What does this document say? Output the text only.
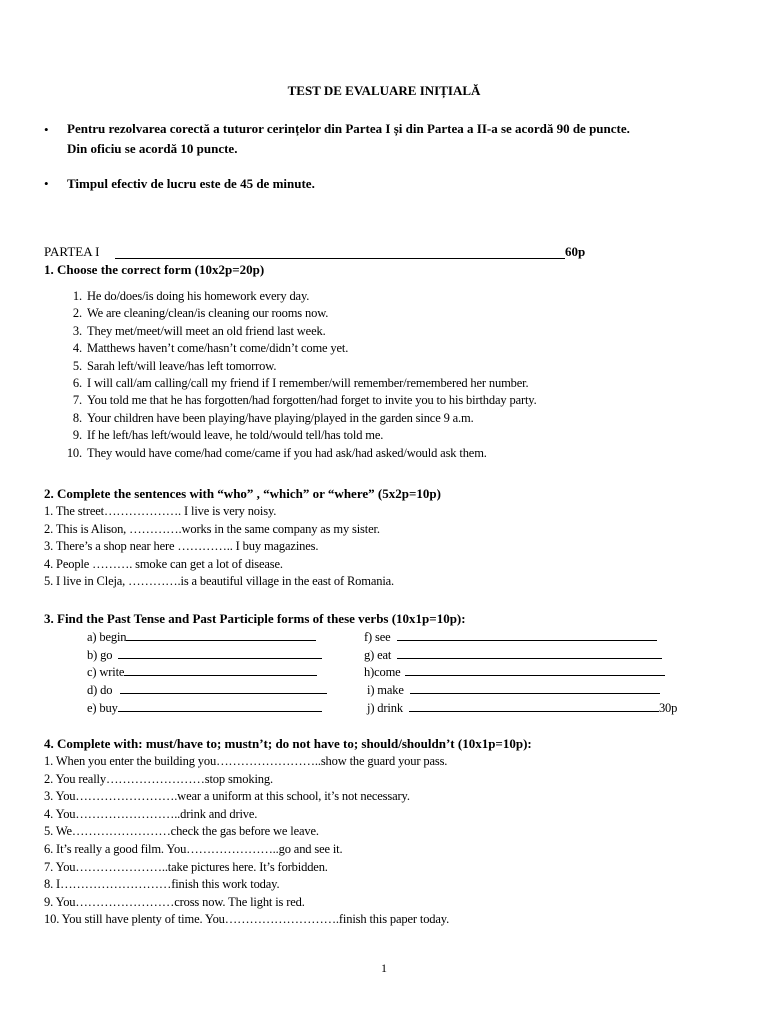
TEST DE EVALUARE INIȚIALĂ
• Pentru rezolvarea corectă a tuturor cerințelor din Partea I și din Partea a II-a se acordă 90 de puncte.
Din oficiu se acordă 10 puncte.
• Timpul efectiv de lucru este de 45 de minute.
PARTEA I	60p
1. Choose the correct form (10x2p=20p)
1. He do/does/is doing his homework every day.
2. We are cleaning/clean/is cleaning our rooms now.
3. They met/meet/will meet an old friend last week.
4. Matthews haven’t come/hasn’t come/didn’t come yet.
5. Sarah left/will leave/has left tomorrow.
6. I will call/am calling/call my friend if I remember/will remember/remembered her number.
7. You told me that he has forgotten/had forgotten/had forget to invite you to his birthday party.
8. Your children have been playing/have playing/played in the garden since 9 a.m.
9. If he left/has left/would leave, he told/would tell/has told me.
10. They would have come/had come/came if you had ask/had asked/would ask them.
2. Complete the sentences with “who” , “which” or “where” (5x2p=10p)
1. The street………………. I live is very noisy.
2. This is Alison, ………….works in the same company as my sister.
3. There’s a shop near here ………….. I buy magazines.
4. People ………. smoke can get a lot of disease.
5. I live in Cleja, ………….is a beautiful village in the east of Romania.
3. Find the Past Tense and Past Participle forms of these verbs (10x1p=10p):
a) begin
b) go
c) write
d) do
e) buy
f) see
g) eat
h)come
i) make
j) drink	30p
4. Complete with: must/have to; mustn’t; do not have to; should/shouldn’t (10x1p=10p):
1. When you enter the building you……………………..show the guard your pass.
2. You really……………………stop smoking.
3. You…………………….wear a uniform at this school, it’s not necessary.
4. You……………………..drink and drive.
5. We……………………check the gas before we leave.
6. It’s really a good film. You…………………..go and see it.
7. You…………………..take pictures here. It’s forbidden.
8. I………………………finish this work today.
9. You……………………cross now. The light is red.
10. You still have plenty of time. You……………………….finish this paper today.
1
